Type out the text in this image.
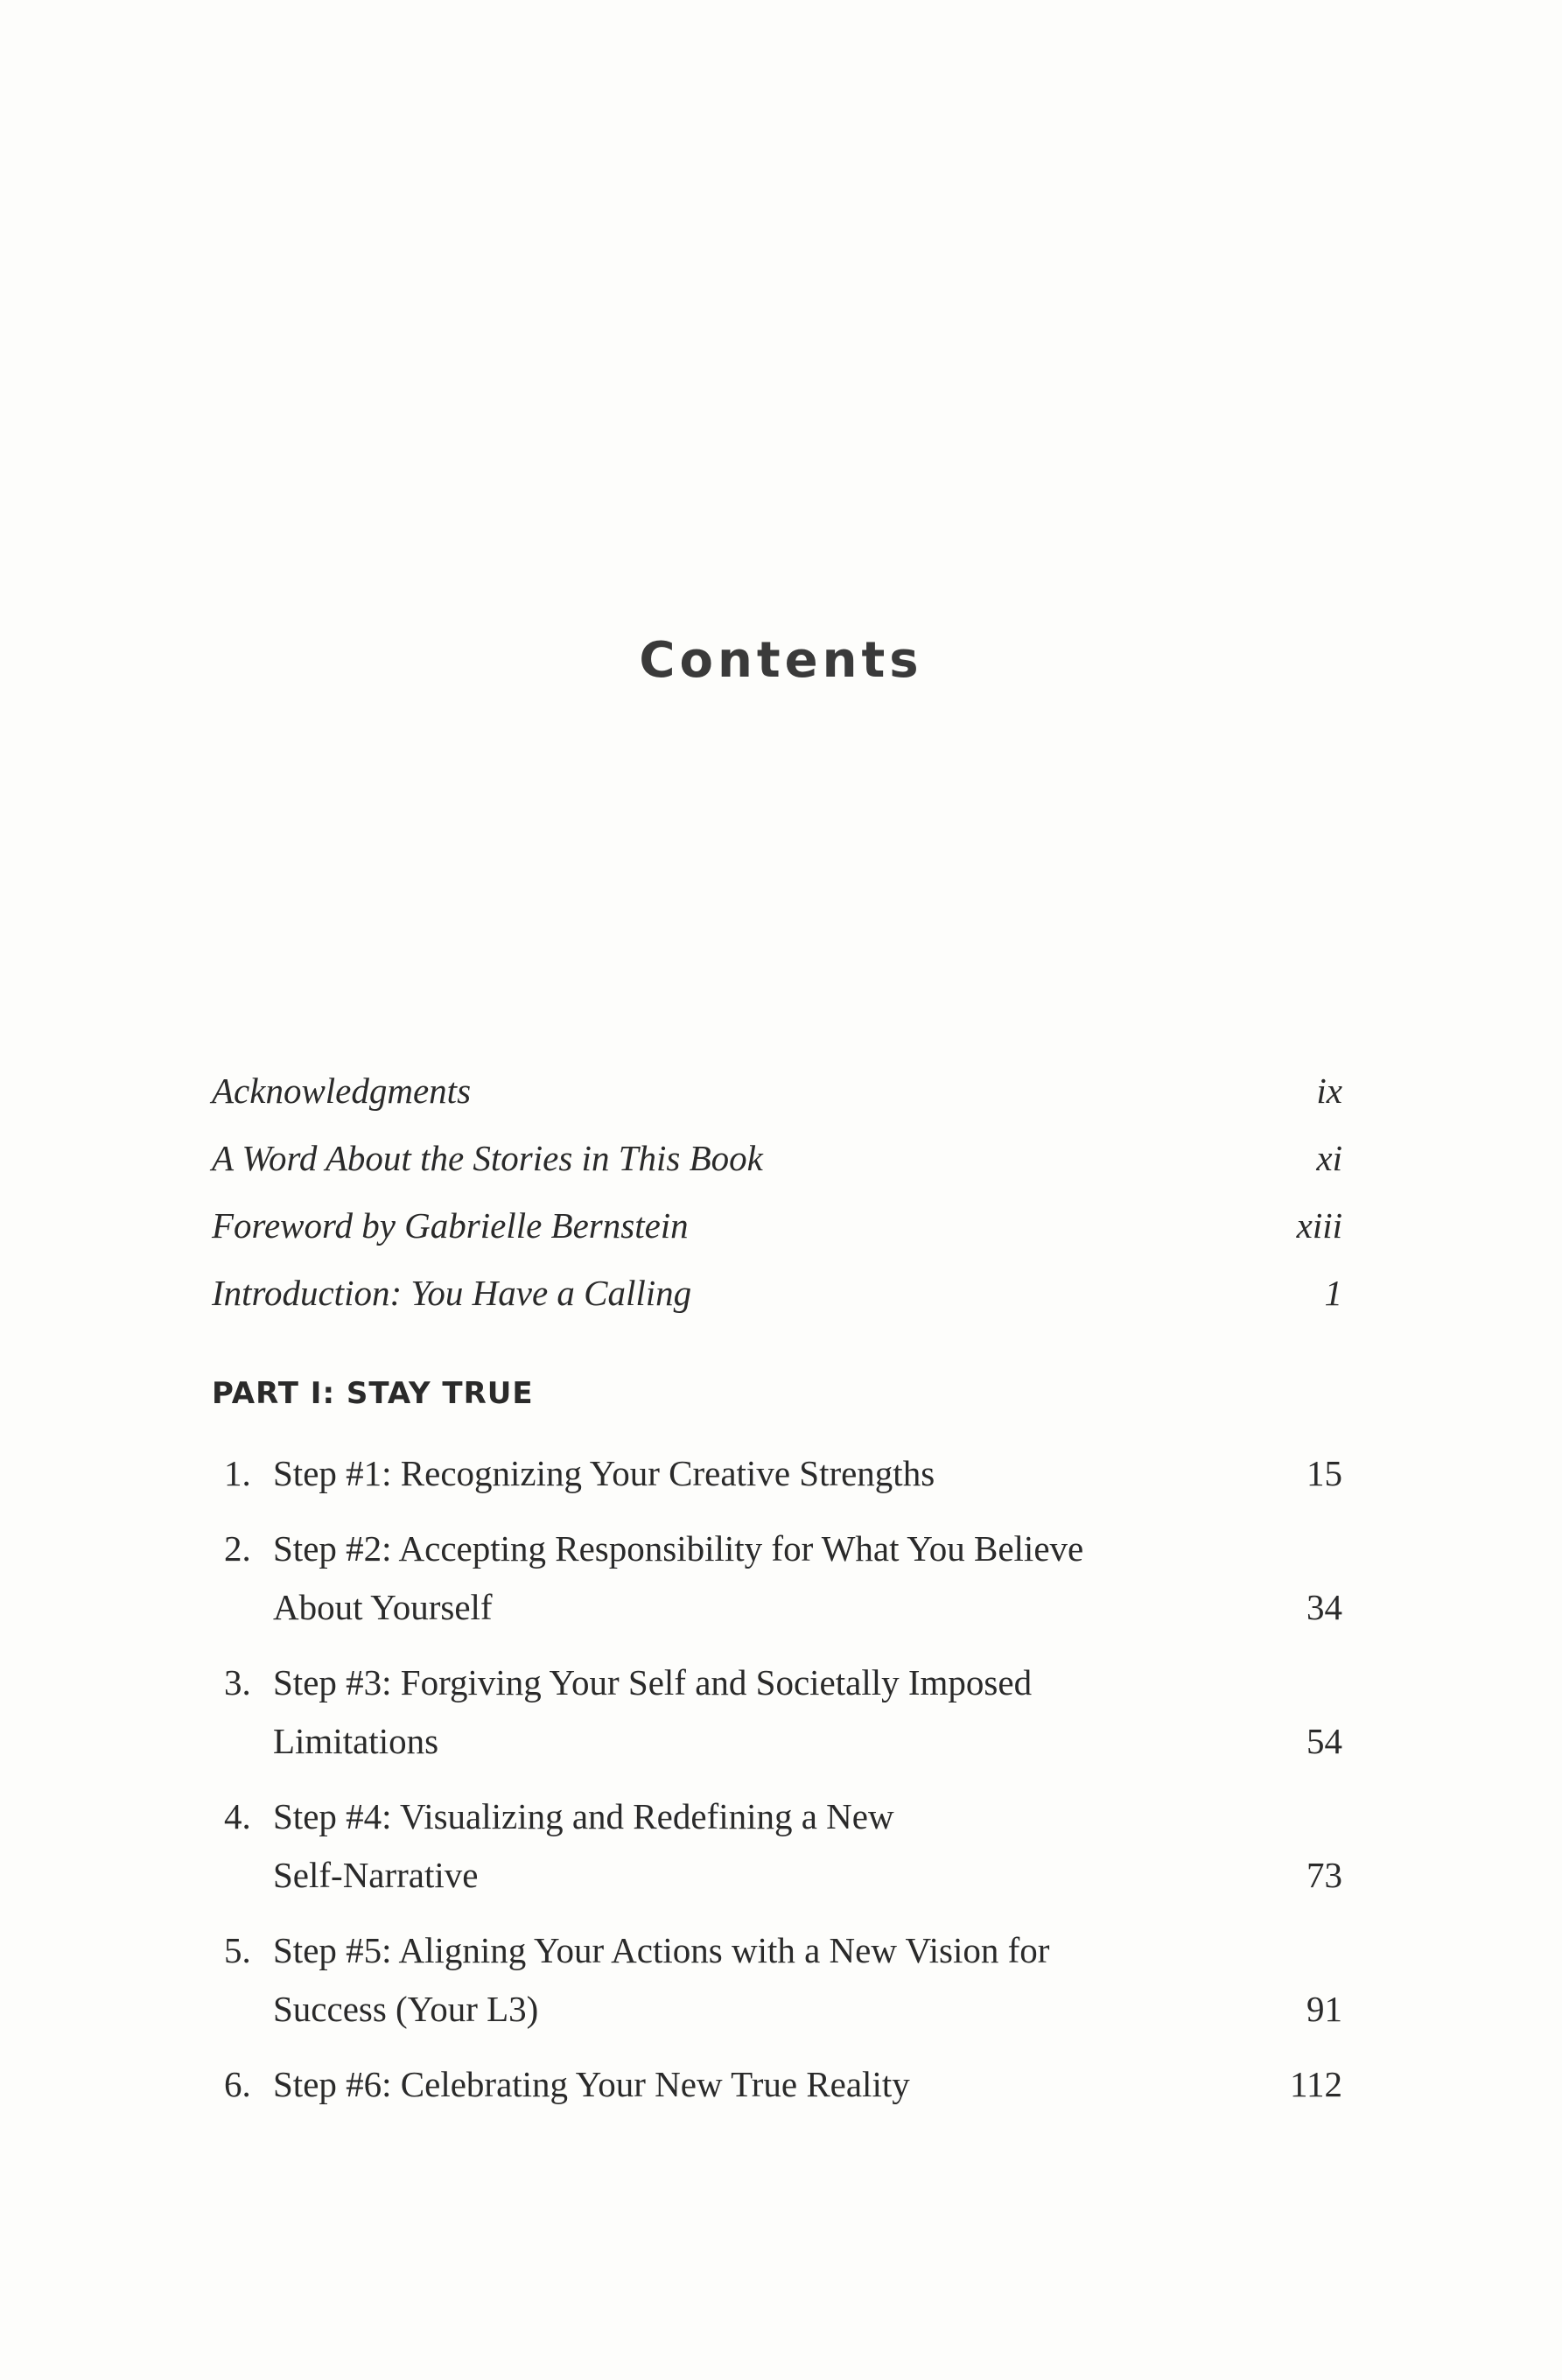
Contents
Acknowledgments	ix
A Word About the Stories in This Book	xi
Foreword by Gabrielle Bernstein	xiii
Introduction: You Have a Calling	1
PART I: STAY TRUE
1. Step #1: Recognizing Your Creative Strengths	15
2. Step #2: Accepting Responsibility for What You Believe
About Yourself	34
3. Step #3: Forgiving Your Self and Societally Imposed
Limitations	54
4. Step #4: Visualizing and Redefining a New
Self-Narrative	73
5. Step #5: Aligning Your Actions with a New Vision for
Success (Your L3)	91
6. Step #6: Celebrating Your New True Reality	112
